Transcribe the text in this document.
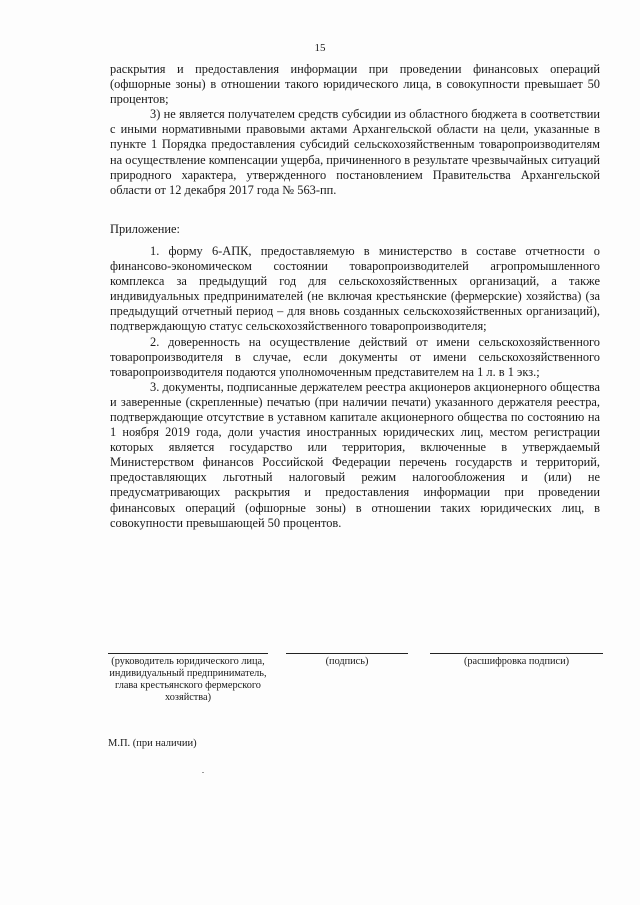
15

раскрытия и предоставления информации при проведении финансовых операций (офшорные зоны) в отношении такого юридического лица, в совокупности превышает 50 процентов;

3) не является получателем средств субсидии из областного бюджета в соответствии с иными нормативными правовыми актами Архангельской области на цели, указанные в пункте 1 Порядка предоставления субсидий сельскохозяйственным товаропроизводителям на осуществление компенсации ущерба, причиненного в результате чрезвычайных ситуаций природного характера, утвержденного постановлением Правительства Архангельской области от 12 декабря 2017 года № 563-пп.

Приложение:

1. форму 6-АПК, предоставляемую в министерство в составе отчетности о финансово-экономическом состоянии товаропроизводителей агропромышленного комплекса за предыдущий год для сельскохозяйственных организаций, а также индивидуальных предпринимателей (не включая крестьянские (фермерские) хозяйства) (за предыдущий отчетный период – для вновь созданных сельскохозяйственных организаций), подтверждающую статус сельскохозяйственного товаропроизводителя;

2. доверенность на осуществление действий от имени сельскохозяйственного товаропроизводителя в случае, если документы от имени сельскохозяйственного товаропроизводителя подаются уполномоченным представителем на 1 л. в 1 экз.;

3. документы, подписанные держателем реестра акционеров акционерного общества и заверенные (скрепленные) печатью (при наличии печати) указанного держателя реестра, подтверждающие отсутствие в уставном капитале акционерного общества по состоянию на 1 ноября 2019 года, доли участия иностранных юридических лиц, местом регистрации которых является государство или территория, включенные в утверждаемый Министерством финансов Российской Федерации перечень государств и территорий, предоставляющих льготный налоговый режим налогообложения и (или) не предусматривающих раскрытия и предоставления информации при проведении финансовых операций (офшорные зоны) в отношении таких юридических лиц, в совокупности превышающей 50 процентов.

(руководитель юридического лица,
индивидуальный предприниматель,
глава крестьянского фермерского
хозяйства)
(подпись)	(расшифровка подписи)
М.П. (при наличии)
